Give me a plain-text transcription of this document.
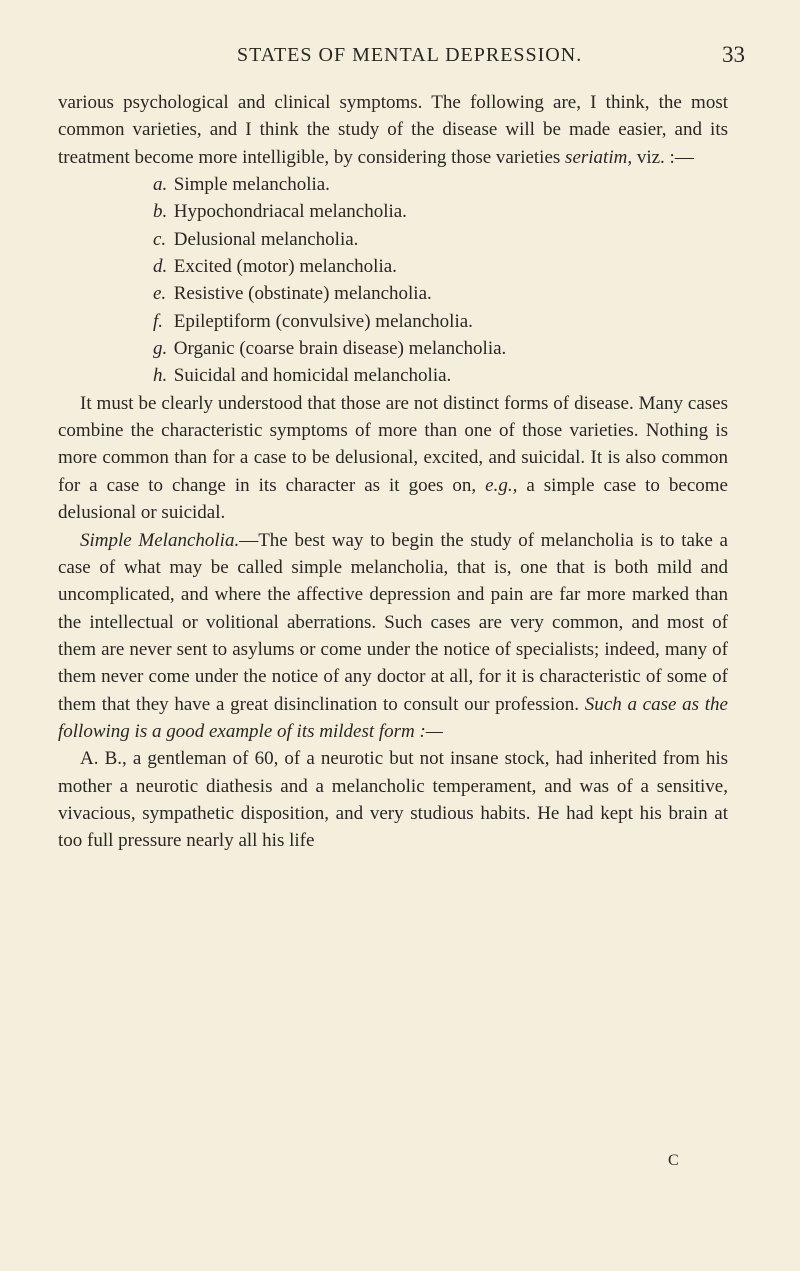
STATES OF MENTAL DEPRESSION.	33

various psychological and clinical symptoms. The following are, I think, the most common varieties, and I think the study of the disease will be made easier, and its treatment become more intelligible, by considering those varieties seriatim, viz. :—

a. Simple melancholia.
b. Hypochondriacal melancholia.
c. Delusional melancholia.
d. Excited (motor) melancholia.
e. Resistive (obstinate) melancholia.
f. Epileptiform (convulsive) melancholia.
g. Organic (coarse brain disease) melancholia.
h. Suicidal and homicidal melancholia.

It must be clearly understood that those are not distinct forms of disease. Many cases combine the characteristic symptoms of more than one of those varieties. Nothing is more common than for a case to be delusional, excited, and suicidal. It is also common for a case to change in its character as it goes on, e.g., a simple case to become delusional or suicidal.

Simple Melancholia.—The best way to begin the study of melancholia is to take a case of what may be called simple melancholia, that is, one that is both mild and uncomplicated, and where the affective depression and pain are far more marked than the intellectual or volitional aberrations. Such cases are very common, and most of them are never sent to asylums or come under the notice of specialists; indeed, many of them never come under the notice of any doctor at all, for it is characteristic of some of them that they have a great disinclination to consult our profession. Such a case as the following is a good example of its mildest form :—

A. B., a gentleman of 60, of a neurotic but not insane stock, had inherited from his mother a neurotic diathesis and a melancholic temperament, and was of a sensitive, vivacious, sympathetic disposition, and very studious habits. He had kept his brain at too full pressure nearly all his life

C
